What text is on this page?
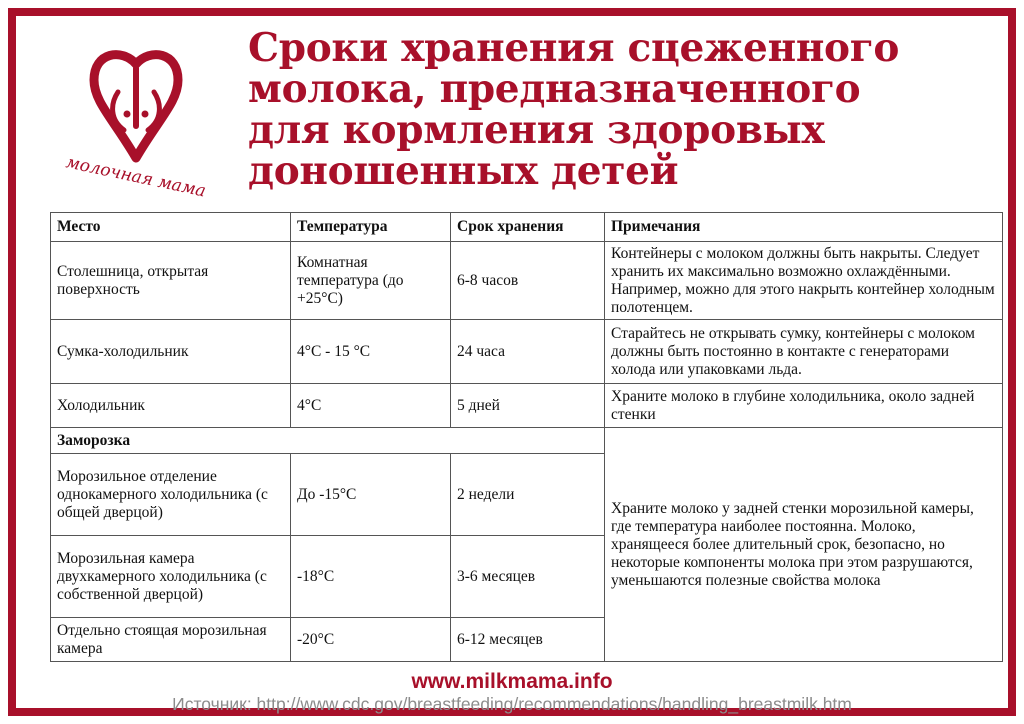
молочная мама
Сроки хранения сцеженного
молока, предназначенного
для кормления здоровых
доношенных детей
Место	Температура	Срок хранения	Примечания
Столешница, открытая поверхность	Комнатная температура (до +25°C)	6-8 часов	Контейнеры с молоком должны быть накрыты. Следует хранить их максимально возможно охлаждёнными. Например, можно для этого накрыть контейнер холодным полотенцем.
Сумка-холодильник	4°C - 15 °C	24 часа	Старайтесь не открывать сумку, контейнеры с молоком должны быть постоянно в контакте с генераторами холода или упаковками льда.
Холодильник	4°C	5 дней	Храните молоко в глубине холодильника, около задней стенки
Заморозка			Храните молоко у задней стенки морозильной камеры, где температура наиболее постоянна. Молоко, хранящееся более длительный срок, безопасно, но некоторые компоненты молока при этом разрушаются, уменьшаются полезные свойства молока
Морозильное отделение однокамерного холодильника (с общей дверцой)	До -15°C	2 недели	
Морозильная камера двухкамерного холодильника (с собственной дверцой)	-18°C	3-6 месяцев	
Отдельно стоящая морозильная камера	-20°C	6-12 месяцев	
www.milkmama.info
Источник: http://www.cdc.gov/breastfeeding/recommendations/handling_breastmilk.htm
